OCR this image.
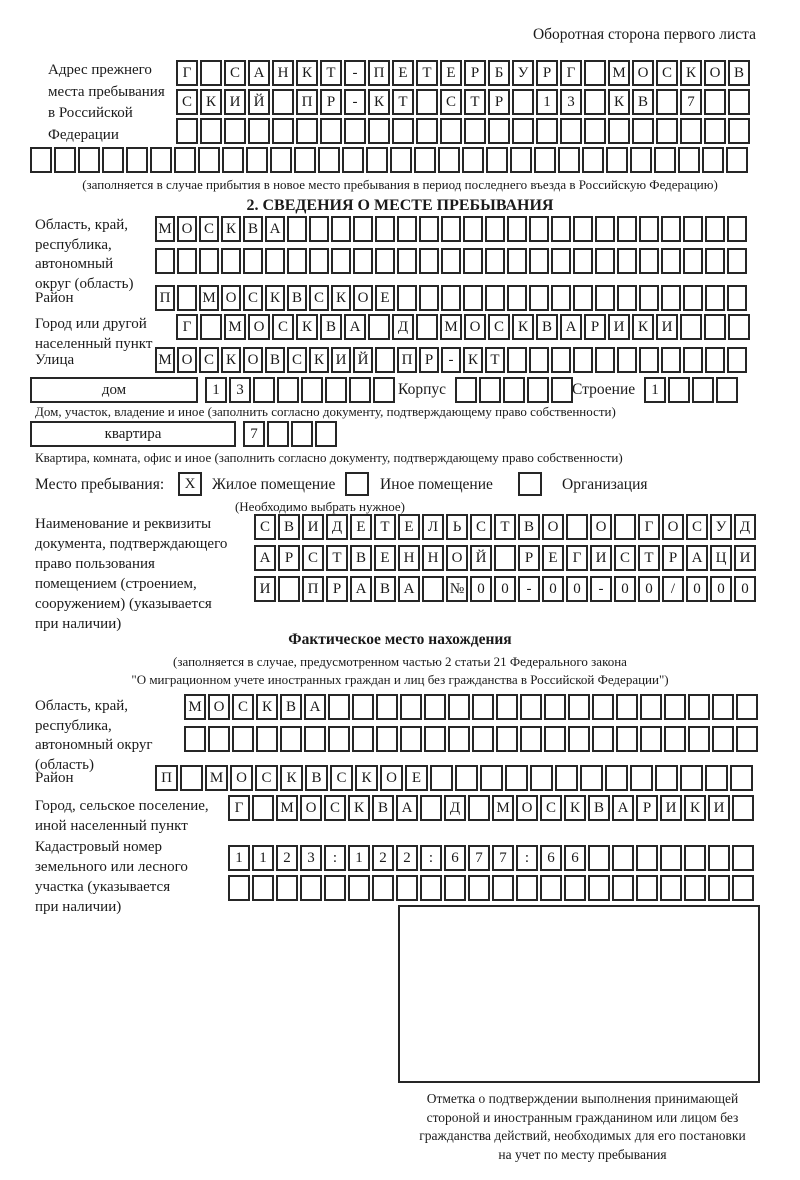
Оборотная сторона первого листа
Адрес прежнего
места пребывания
в Российской
Федерации
Г	С А Н К Т	-	П Е Т Е	Р	Б У Р	Г	М О С К О В
С К И Й	П Р	-	К Т	С Т	Р	1	3	К В	7
(заполняется в случае прибытия в новое место пребывания в период последнего въезда в Российскую Федерацию)
2. СВЕДЕНИЯ О МЕСТЕ ПРЕБЫВАНИЯ
Область, край,
республика,
автономный
округ (область)
М О С К В А
Район	П	М О С К В С К О Е
Город или другой
населенный пункт
Г	М О С К В А	Д	М О С К В А Р И К И
Улица	М О С К О В С К И Й	П Р	- К Т
дом	1	3	Корпус	Строение	1
Дом, участок, владение и иное (заполнить согласно документу, подтверждающему право собственности)
квартира	7
Квартира, комната, офис и иное (заполнить согласно документу, подтверждающему право собственности)
Место пребывания:	X	Жилое помещение	Иное помещение	Организация
(Необходимо выбрать нужное)
Наименование и реквизиты
документа, подтверждающего
право пользования
помещением (строением,
сооружением) (указывается
при наличии)
С В И Д Е Т Е Л Ь С Т В О	О	Г О С У Д
А Р С Т В Е Н Н О Й	Р	Е	Г И С Т	Р А Ц И
И	П Р А В А	№ 0	0	-	0	0	-	0	0	/	0	0	0
Фактическое место нахождения
(заполняется в случае, предусмотренном частью 2 статьи 21 Федерального закона
"О миграционном учете иностранных граждан и лиц без гражданства в Российской Федерации")
Область, край,
республика,
автономный округ
(область)
М О С К В А
Район	П	М О С К В С К О Е
Город, сельское поселение,
иной населенный пункт
Г	М О С К В А	Д	М О С К В А Р И К И
Кадастровый номер
земельного или лесного
участка (указывается
при наличии)
1	1	2	3	:	1	2	2	:	6	7	7	:	6	6
Отметка о подтверждении выполнения принимающей
стороной и иностранным гражданином или лицом без
гражданства действий, необходимых для его постановки
на учет по месту пребывания
